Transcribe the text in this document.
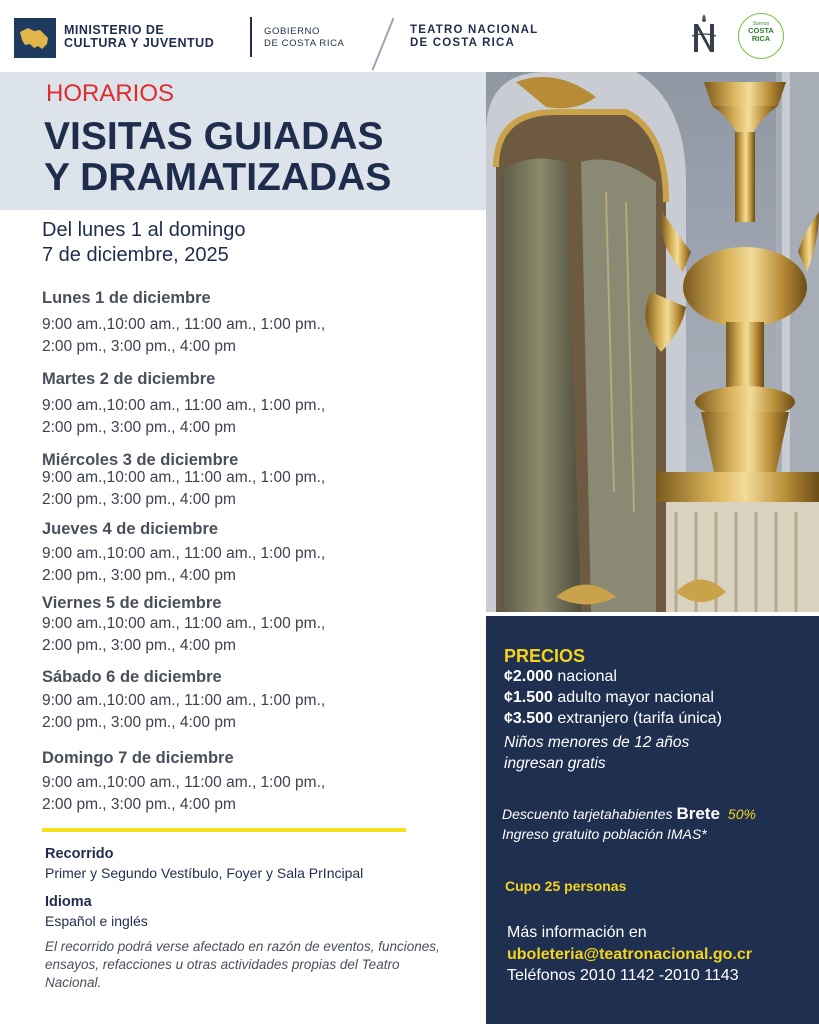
MINISTERIO DE
CULTURA Y JUVENTUD
GOBIERNO
DE COSTA RICA
TEATRO NACIONAL
DE COSTA RICA
Somos
COSTA
RICA
HORARIOS
VISITAS GUIADAS
Y DRAMATIZADAS
Del lunes 1 al domingo
7 de diciembre, 2025
Lunes 1 de diciembre
9:00 am.,10:00 am., 11:00 am., 1:00 pm.,
2:00 pm., 3:00 pm., 4:00 pm
Martes 2 de diciembre
9:00 am.,10:00 am., 11:00 am., 1:00 pm.,
2:00 pm., 3:00 pm., 4:00 pm
Miércoles 3 de diciembre
9:00 am.,10:00 am., 11:00 am., 1:00 pm.,
2:00 pm., 3:00 pm., 4:00 pm
Jueves 4 de diciembre
9:00 am.,10:00 am., 11:00 am., 1:00 pm.,
2:00 pm., 3:00 pm., 4:00 pm
Viernes 5 de diciembre
9:00 am.,10:00 am., 11:00 am., 1:00 pm.,
2:00 pm., 3:00 pm., 4:00 pm
Sábado 6 de diciembre
9:00 am.,10:00 am., 11:00 am., 1:00 pm.,
2:00 pm., 3:00 pm., 4:00 pm
Domingo 7 de diciembre
9:00 am.,10:00 am., 11:00 am., 1:00 pm.,
2:00 pm., 3:00 pm., 4:00 pm
Recorrido
Primer y Segundo Vestíbulo, Foyer y Sala PrIncipal
Idioma
Español e inglés
El recorrido podrá verse afectado en razón de eventos, funciones, ensayos, refacciones u otras actividades propias del Teatro Nacional.
PRECIOS
¢2.000 nacional
¢1.500 adulto mayor nacional
¢3.500 extranjero (tarifa única)
Niños menores de 12 años
ingresan gratis
Descuento tarjetahabientes Brete 50%
Ingreso gratuito población IMAS*
Cupo 25 personas
Más información en
uboleteria@teatronacional.go.cr
Teléfonos 2010 1142 -2010 1143
